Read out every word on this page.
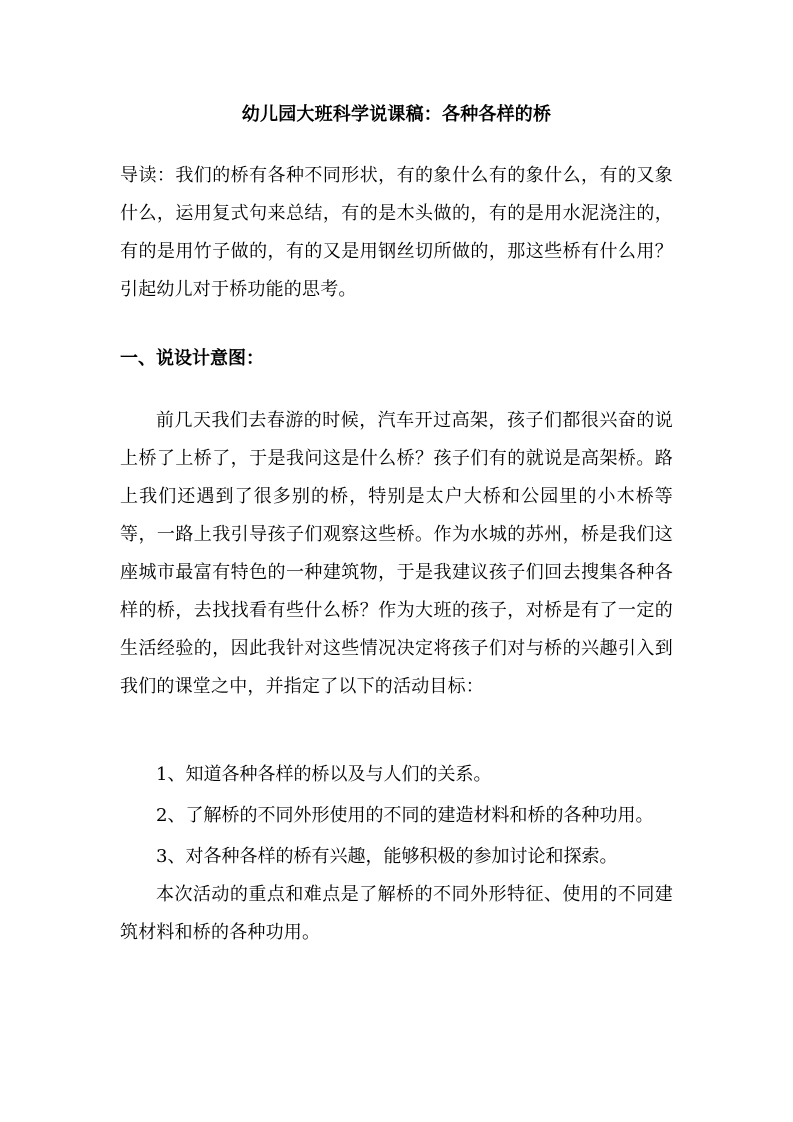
幼儿园大班科学说课稿：各种各样的桥

导读：我们的桥有各种不同形状，有的象什么有的象什么，有的又象什么，运用复式句来总结，有的是木头做的，有的是用水泥浇注的，有的是用竹子做的，有的又是用钢丝切所做的，那这些桥有什么用？引起幼儿对于桥功能的思考。

一、说设计意图：

前几天我们去春游的时候，汽车开过高架，孩子们都很兴奋的说上桥了上桥了，于是我问这是什么桥？孩子们有的就说是高架桥。路上我们还遇到了很多别的桥，特别是太户大桥和公园里的小木桥等等，一路上我引导孩子们观察这些桥。作为水城的苏州，桥是我们这座城市最富有特色的一种建筑物，于是我建议孩子们回去搜集各种各样的桥，去找找看有些什么桥？作为大班的孩子，对桥是有了一定的生活经验的，因此我针对这些情况决定将孩子们对与桥的兴趣引入到我们的课堂之中，并指定了以下的活动目标：

1、知道各种各样的桥以及与人们的关系。
2、了解桥的不同外形使用的不同的建造材料和桥的各种功用。
3、对各种各样的桥有兴趣，能够积极的参加讨论和探索。

本次活动的重点和难点是了解桥的不同外形特征、使用的不同建筑材料和桥的各种功用。
